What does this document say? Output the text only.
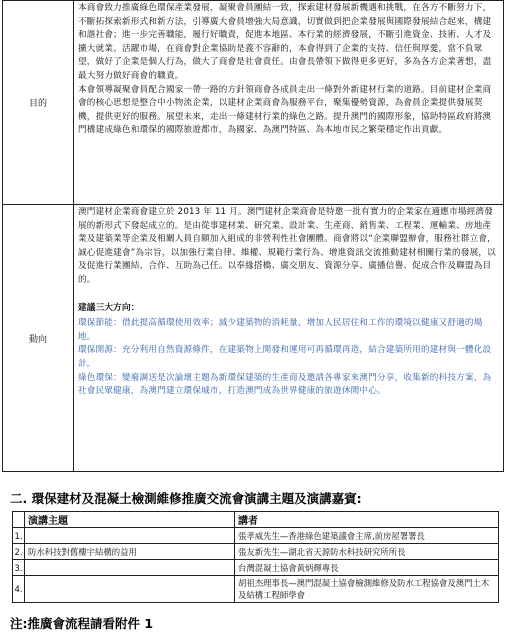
目的	本商會致力推廣綠色環保產業發展，凝聚會員團結一致，探索建材發展新機遇和挑戰，在各方不斷努力下，不斷拓探索新形式和新方法，引導廣大會員增強大局意識，切實做到把企業發展與國際發展結合起來，構建和諧社會；進一步完善職能，履行好職責，促進本地區、本行業的經濟發展，不斷引進資金、技術、人才及擴大就業、活躍市場，在商會對企業協助是義不容辭的，本會得到了企業的支持、信任與厚愛，當不負眾望，做好了企業是個人行為，做大了商會是社會責任。由會長帶領下做得更多更好，多為各方企業著想，盡最大努力做好商會的職責。
本會領導凝聚會員配合國家一帶一路的方針領商會各成員走出一條對外新建材行業的道路。目前建材企業商會的核心思想是整合中小物流企業，以建材企業商會為服務平台，聚集優勢資源，為會員企業提供發展契機，提供更好的服務。展望未來，走出一條建材行業的綠色之路。提升澳門的國際形象，協助特區政府將澳門構建成綠色和環保的國際旅遊都市，為國家、為澳門特區、為本地市民之繁榮穩定作出貢獻。

動向	澳門建材企業商會建立於 2013 年 11 月。澳門建材企業商會是特邀一批有實力的企業家在適應市場經濟發展的新形式下發起成立的。是由從事建材業、研究業、設計業、生產商、銷售業、工程業、運輸業、房地產業及建築業等企業及相關人員自願加入組成的非營利性社會團體。商會將以“企業聯盟辦會，服務社群立會，誠心促進建會”為宗旨，以加強行業自律、維權、規範行業行為、增進資訊交流推動建材相關行業的發展，以及促進行業團結、合作、互助為己任。以奉緣搭橋、廣交朋友、資源分享、廣播信譽、促成合作及聯盟為目的。
建議三大方向：
環保節能：借此提高循環使用效率；減少建築物的消耗量，增加人民居住和工作的環境以健康又舒適的場地。
環保開源：充分利用自然資源條件，在建築物上開發和運用可再循環再造，結合建築所用的建材與一體化設計。
綠色環保：變廢調送是次論壇主題為新環保建築的生產商及邀請各專家來澳門分享，收集新的科技方案，為社會民眾健康，為澳門建立環保城市，打造澳門成為世界健康的旅遊休閒中心。
二. 環保建材及混凝土檢測維修推廣交流會演講主題及演講嘉賓:
	演講主題	講者
1.		張孝威先生—香港綠色建築議會主席,前房屋署署長
2.	防水科技對舊樓宇結構的益用	張友新先生—湖北省天源防水科技研究所所長
3.		台灣混凝土協會黃炳輝專長
4.		胡祖杰理事長—澳門混凝土協會檢測維修及防水工程協會及澳門土木及結構工程師學會
注:推廣會流程請看附件 1
